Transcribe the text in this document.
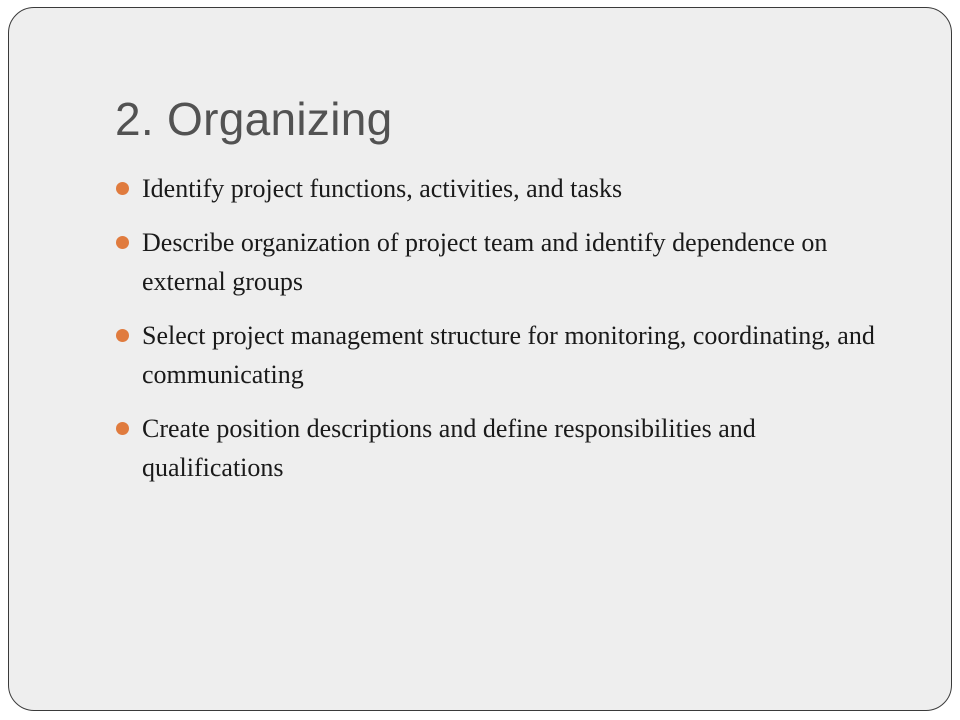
2. Organizing
Identify project functions, activities, and tasks
Describe organization of project team and identify dependence on external groups
Select project management structure for monitoring, coordinating, and communicating
Create position descriptions and define responsibilities and qualifications
